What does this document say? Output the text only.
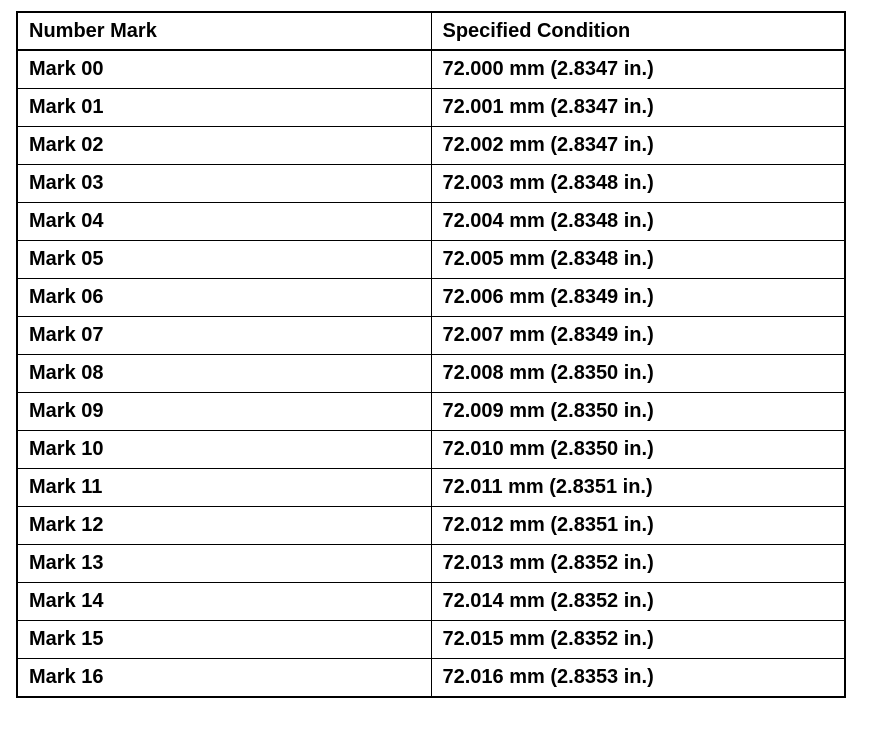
Number Mark	Specified Condition
Mark 00	72.000 mm (2.8347 in.)
Mark 01	72.001 mm (2.8347 in.)
Mark 02	72.002 mm (2.8347 in.)
Mark 03	72.003 mm (2.8348 in.)
Mark 04	72.004 mm (2.8348 in.)
Mark 05	72.005 mm (2.8348 in.)
Mark 06	72.006 mm (2.8349 in.)
Mark 07	72.007 mm (2.8349 in.)
Mark 08	72.008 mm (2.8350 in.)
Mark 09	72.009 mm (2.8350 in.)
Mark 10	72.010 mm (2.8350 in.)
Mark 11	72.011 mm (2.8351 in.)
Mark 12	72.012 mm (2.8351 in.)
Mark 13	72.013 mm (2.8352 in.)
Mark 14	72.014 mm (2.8352 in.)
Mark 15	72.015 mm (2.8352 in.)
Mark 16	72.016 mm (2.8353 in.)
